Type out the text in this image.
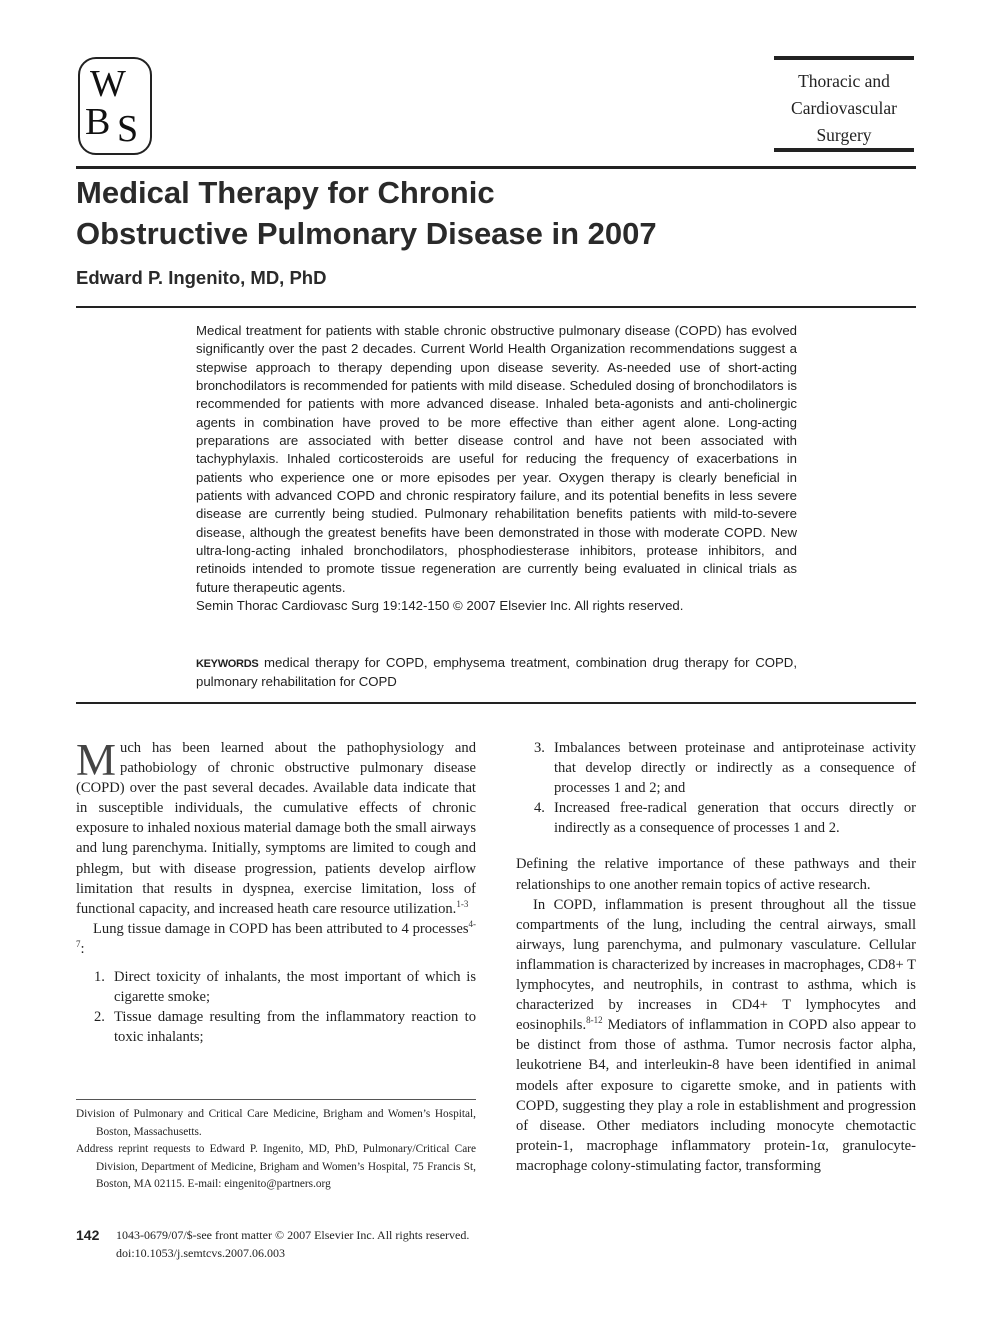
W
B S
Thoracic and
Cardiovascular
Surgery
Medical Therapy for Chronic
Obstructive Pulmonary Disease in 2007
Edward P. Ingenito, MD, PhD

Medical treatment for patients with stable chronic obstructive pulmonary disease (COPD) has evolved significantly over the past 2 decades. Current World Health Organization recommendations suggest a stepwise approach to therapy depending upon disease severity. As-needed use of short-acting bronchodilators is recommended for patients with mild disease. Scheduled dosing of bronchodilators is recommended for patients with more advanced disease. Inhaled beta-agonists and anti-cholinergic agents in combination have proved to be more effective than either agent alone. Long-acting preparations are associated with better disease control and have not been associated with tachyphylaxis. Inhaled corticosteroids are useful for reducing the frequency of exacerbations in patients who experience one or more episodes per year. Oxygen therapy is clearly beneficial in patients with advanced COPD and chronic respiratory failure, and its potential benefits in less severe disease are currently being studied. Pulmonary rehabilitation benefits patients with mild-to-severe disease, although the greatest benefits have been demonstrated in those with moderate COPD. New ultra-long-acting inhaled bronchodilators, phosphodiesterase inhibitors, protease inhibitors, and retinoids intended to promote tissue regeneration are currently being evaluated in clinical trials as future therapeutic agents.

Semin Thorac Cardiovasc Surg 19:142-150 © 2007 Elsevier Inc. All rights reserved.

KEYWORDS medical therapy for COPD, emphysema treatment, combination drug therapy for COPD, pulmonary rehabilitation for COPD

Much has been learned about the pathophysiology and pathobiology of chronic obstructive pulmonary disease (COPD) over the past several decades. Available data indicate that in susceptible individuals, the cumulative effects of chronic exposure to inhaled noxious material damage both the small airways and lung parenchyma. Initially, symptoms are limited to cough and phlegm, but with disease progression, patients develop airflow limitation that results in dyspnea, exercise limitation, loss of functional capacity, and increased heath care resource utilization.$^{1-3}$

Lung tissue damage in COPD has been attributed to 4 processes$^{4-7}$:

1. Direct toxicity of inhalants, the most important of which is cigarette smoke;
2. Tissue damage resulting from the inflammatory reaction to toxic inhalants;
3. Imbalances between proteinase and antiproteinase activity that develop directly or indirectly as a consequence of processes 1 and 2; and
4. Increased free-radical generation that occurs directly or indirectly as a consequence of processes 1 and 2.

Defining the relative importance of these pathways and their relationships to one another remain topics of active research.

In COPD, inflammation is present throughout all the tissue compartments of the lung, including the central airways, small airways, lung parenchyma, and pulmonary vasculature. Cellular inflammation is characterized by increases in macrophages, CD8+ T lymphocytes, and neutrophils, in contrast to asthma, which is characterized by increases in CD4+ T lymphocytes and eosinophils.$^{8-12}$ Mediators of inflammation in COPD also appear to be distinct from those of asthma. Tumor necrosis factor alpha, leukotriene B4, and interleukin-8 have been identified in animal models after exposure to cigarette smoke, and in patients with COPD, suggesting they play a role in establishment and progression of disease. Other mediators including monocyte chemotactic protein-1, macrophage inflammatory protein-1α, granulocyte-macrophage colony-stimulating factor, transforming

Division of Pulmonary and Critical Care Medicine, Brigham and Women’s Hospital, Boston, Massachusetts.
Address reprint requests to Edward P. Ingenito, MD, PhD, Pulmonary/Critical Care Division, Department of Medicine, Brigham and Women’s Hospital, 75 Francis St, Boston, MA 02115. E-mail: eingenito@partners.org
142 1043-0679/07/$-see front matter © 2007 Elsevier Inc. All rights reserved.

doi:10.1053/j.semtcvs.2007.06.003
